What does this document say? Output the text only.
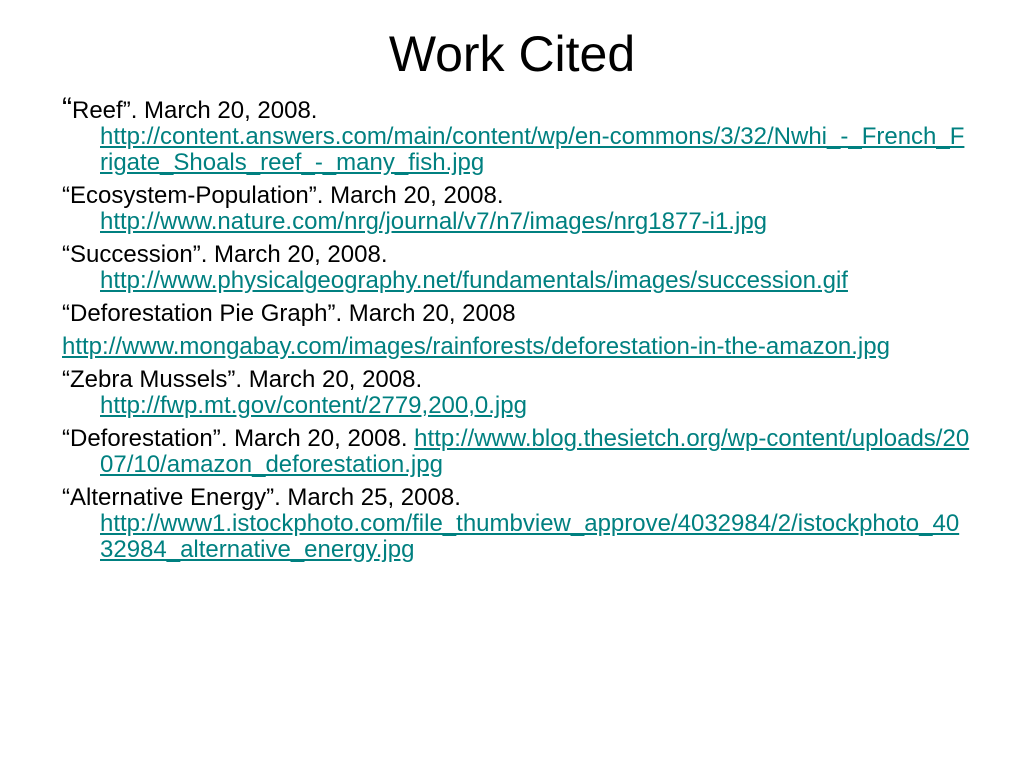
Work Cited
“Reef”. March 20, 2008.
http://content.answers.com/main/content/wp/en-commons/3/32/Nwhi_-_French_Frigate_Shoals_reef_-_many_fish.jpg
“Ecosystem-Population”. March 20, 2008.
http://www.nature.com/nrg/journal/v7/n7/images/nrg1877-i1.jpg
“Succession”. March 20, 2008.
http://www.physicalgeography.net/fundamentals/images/succession.gif
“Deforestation Pie Graph”. March 20, 2008
http://www.mongabay.com/images/rainforests/deforestation-in-the-amazon.jpg
“Zebra Mussels”. March 20, 2008.
http://fwp.mt.gov/content/2779,200,0.jpg
“Deforestation”. March 20, 2008. http://www.blog.thesietch.org/wp-content/uploads/2007/10/amazon_deforestation.jpg
“Alternative Energy”. March 25, 2008.
http://www1.istockphoto.com/file_thumbview_approve/4032984/2/istockphoto_4032984_alternative_energy.jpg
